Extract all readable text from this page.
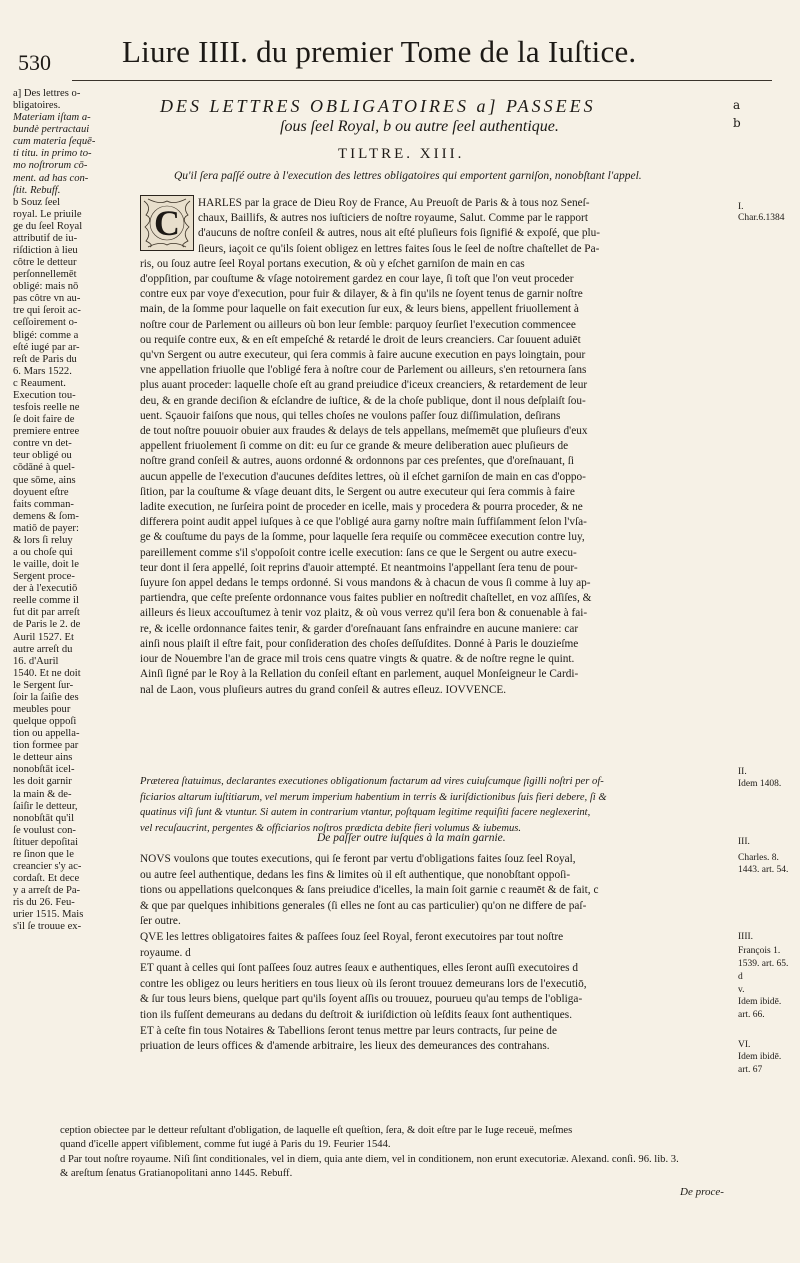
530 Liure IIII. du premier Tome de la Iuſtice.
DES LETTRES OBLIGATOIRES a] PASSEES
ſous ſeel Royal, b ou autre ſeel authentique.
TILTRE. XIII.
Qu'il ſera paſſé outre à l'execution des lettres obligatoires qui emportent garniſon, nonobſtant l'appel.
a
b
a] Des lettres o-
bligatoires.
Materiam iſtam a-
bundè pertractaui
cum materia ſequē-
ti titu. in primo to-
mo noſtrorum cō-
ment. ad has con-
ſtit. Rebuff.
b Souz ſeel
royal. Le priuile
ge du ſeel Royal
attributif de iu-
riſdiction à lieu
côtre le detteur
perſonnellemēt
obligé: mais nō
pas côtre vn au-
tre qui ſeroit ac-
ceſſoirement o-
bligé: comme a
eſté iugé par ar-
reſt de Paris du
6. Mars 1522.
c Reaument.
Execution tou-
tesfois reelle ne
ſe doit faire de
premiere entree
contre vn det-
teur obligé ou
cōdāné à quel-
que sōme, ains
doyuent eſtre
faits comman-
demens & ſom-
matiō de payer:
& lors ſi reluy
a ou choſe qui
le vaille, doit le
Sergent proce-
der à l'executiō
reelle comme il
fut dit par arreſt
de Paris le 2. de
Auril 1527. Et
autre arreſt du
16. d'Auril
1540. Et ne doit
le Sergent ſur-
ſoir la ſaiſie des
meubles pour
quelque oppoſi
tion ou appella-
tion formee par
le detteur ains
nonobſtāt icel-
les doit garnir
la main & de-
ſaiſir le detteur,
nonobſtāt qu'il
ſe voulust con-
ſtituer depoſitai
re ſinon que le
creancier s'y ac-
cordaſt. Et dece
y a arreſt de Pa-
ris du 26. Feu-
urier 1515. Mais
s'il ſe trouue ex-
C	HARLES par la grace de Dieu Roy de France, Au Preuoſt de Paris & à tous noz Seneſ-
chaux, Baillifs, & autres nos iuſticiers de noſtre royaume, Salut. Comme par le rapport
d'aucuns de noſtre conſeil & autres, nous ait eſté pluſieurs fois ſignifié & expoſé, que plu-
ſieurs, iaçoit ce qu'ils ſoient obligez en lettres faites ſous le ſeel de noſtre chaſtellet de Pa-
ris, ou ſouz autre ſeel Royal portans execution, & où y eſchet garniſon de main en cas
d'oppſition, par couſtume & vſage notoirement gardez en cour laye, ſi toſt que l'on veut proceder
contre eux par voye d'execution, pour fuir & dilayer, & à fin qu'ils ne ſoyent tenus de garnir noſtre
main, de la ſomme pour laquelle on fait execution ſur eux, & leurs biens, appellent friuollement à
noſtre cour de Parlement ou ailleurs où bon leur ſemble: parquoy ſeurſiet l'execution commencee
ou requiſe contre eux, & en eſt empeſché & retardé le droit de leurs creanciers. Car ſouuent aduiēt
qu'vn Sergent ou autre executeur, qui ſera commis à faire aucune execution en pays loingtain, pour
vne appellation friuolle que l'obligé fera à noſtre cour de Parlement ou ailleurs, s'en retournera ſans
plus auant proceder: laquelle choſe eſt au grand preiudice d'iceux creanciers, & retardement de leur
deu, & en grande deciſion & eſclandre de iuſtice, & de la choſe publique, dont il nous deſplaiſt ſou-
uent. Sçauoir faiſons que nous, qui telles choſes ne voulons paſſer ſouz diſſimulation, deſirans
de tout noſtre pouuoir obuier aux fraudes & delays de tels appellans, meſmemēt que pluſieurs d'eux
appellent friuolement ſi comme on dit: eu ſur ce grande & meure deliberation auec pluſieurs de
noſtre grand conſeil & autres, auons ordonné & ordonnons par ces preſentes, que d'oreſnauant, ſi
aucun appelle de l'execution d'aucunes deſdites lettres, où il eſchet garniſon de main en cas d'oppo-
ſition, par la couſtume & vſage deuant dits, le Sergent ou autre executeur qui ſera commis à faire
ladite execution, ne ſurſeira point de proceder en icelle, mais y procedera & pourra proceder, & ne
differera point audit appel iuſques à ce que l'obligé aura garny noſtre main ſuffiſamment ſelon l'vſa-
ge & couſtume du pays de la ſomme, pour laquelle ſera requiſe ou commēcee execution contre luy,
pareillement comme s'il s'oppoſoit contre icelle execution: ſans ce que le Sergent ou autre execu-
teur dont il ſera appellé, ſoit reprins d'auoir attempté. Et neantmoins l'appellant ſera tenu de pour-
ſuyure ſon appel dedans le temps ordonné. Si vous mandons & à chacun de vous ſi comme à luy ap-
partiendra, que ceſte preſente ordonnance vous faites publier en noſtredit chaſtellet, en voz aſſiſes, &
ailleurs és lieux accouſtumez à tenir voz plaitz, & où vous verrez qu'il ſera bon & conuenable à fai-
re, & icelle ordonnance faites tenir, & garder d'oreſnauant ſans enfraindre en aucune maniere: car
ainſi nous plaiſt il eſtre fait, pour conſideration des choſes deſſuſdites. Donné à Paris le douzieſme
iour de Nouembre l'an de grace mil trois cens quatre vingts & quatre. & de noſtre regne le quint.
Ainſi ſigné par le Roy à la Rellation du conſeil eſtant en parlement, auquel Monſeigneur le Cardi-
nal de Laon, vous pluſieurs autres du grand conſeil & autres eſleuz. IOVVENCE.
Præterea ſtatuimus, declarantes executiones obligationum factarum ad vires cuiuſcumque ſigilli noſtri per of-
ficiarios altarum iuſtitiarum, vel merum imperium habentium in terris & iuriſdictionibus ſuis fieri debere, ſi &
quatinus viſi ſunt & vtuntur. Si autem in contrarium vtantur, poſtquam legitime requiſiti facere neglexerint,
vel recuſaucrint, pergentes & officiarios noſtros prædicta debite fieri volumus & iubemus.
De paſſer outre iuſques à la main garnie.
NOVS voulons que toutes executions, qui ſe feront par vertu d'obligations faites ſouz ſeel Royal,
ou autre ſeel authentique, dedans les fins & limites où il eſt authentique, que nonobſtant oppoſi-
tions ou appellations quelconques & ſans preiudice d'icelles, la main ſoit garnie c reaumēt & de fait, c
& que par quelques inhibitions generales (ſi elles ne ſont au cas particulier) qu'on ne differe de paſ-
ſer outre.
QVE les lettres obligatoires faites & paſſees ſouz ſeel Royal, feront executoires par tout noſtre
royaume. d
ET quant à celles qui ſont paſſees ſouz autres ſeaux e authentiques, elles ſeront auſſi executoires d
contre les obligez ou leurs heritiers en tous lieux où ils ſeront trouuez demeurans lors de l'executiō,
& ſur tous leurs biens, quelque part qu'ils ſoyent aſſis ou trouuez, pourueu qu'au temps de l'obliga-
tion ils fuſſent demeurans au dedans du deſtroit & iuriſdiction où leſdits ſeaux ſont authentiques.
ET à ceſte fin tous Notaires & Tabellions ſeront tenus mettre par leurs contracts, ſur peine de
priuation de leurs offices & d'amende arbitraire, les lieux des demeurances des contrahans.
ception obiectee par le detteur reſultant d'obligation, de laquelle eſt queſtion, ſera, & doit eſtre par le Iuge receuë, meſmes
quand d'icelle appert viſiblement, comme fut iugé à Paris du 19. Feurier 1544.
d Par tout noſtre royaume. Niſi ſint conditionales, vel in diem, quia ante diem, vel in conditionem, non erunt executoriæ. Alexand. conſi. 96. lib. 3.
& areſtum ſenatus Gratianopolitani anno 1445. Rebuff.
De proce-
I.
Char.6.1384
II.
Idem 1408.
III.
Charles. 8.
1443. art. 54.
IIII.
François 1.
1539. art. 65.
d
v.
Idem ibidē.
art. 66.
VI.
Idem ibidē.
art. 67
